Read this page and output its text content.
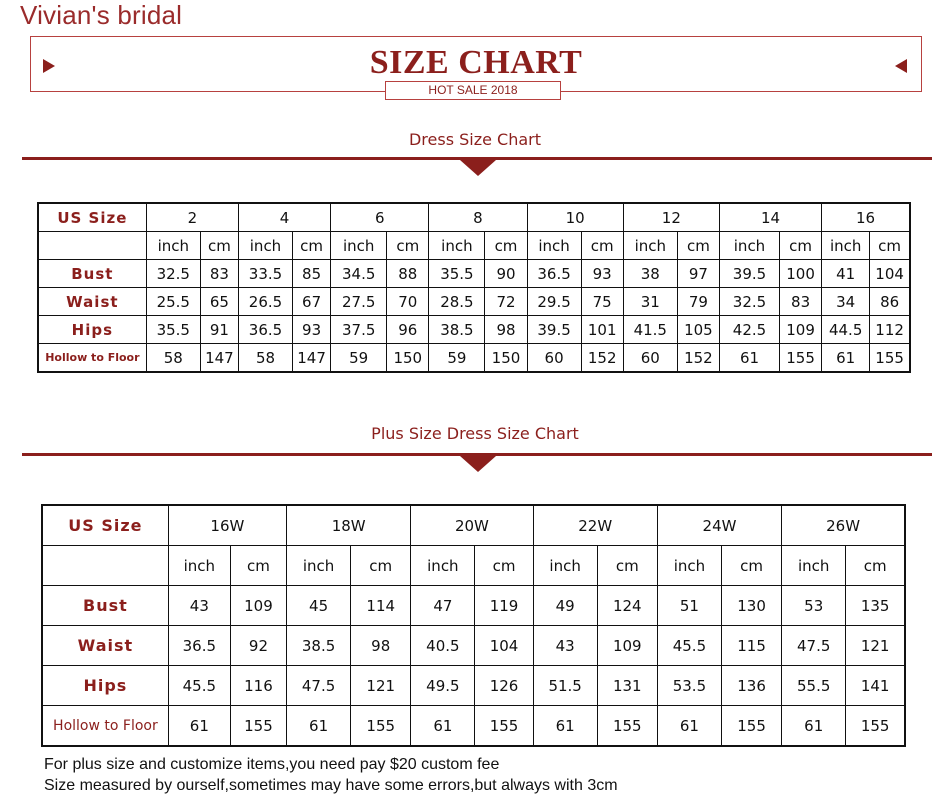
Vivian's bridal
SIZE CHART
HOT SALE 2018
Dress Size Chart
US Size	2		4		6		8		10		12		14		16	
	inch	cm	inch	cm	inch	cm	inch	cm	inch	cm	inch	cm	inch	cm	inch	cm
Bust	32.5	83	33.5	85	34.5	88	35.5	90	36.5	93	38	97	39.5	100	41	104
Waist	25.5	65	26.5	67	27.5	70	28.5	72	29.5	75	31	79	32.5	83	34	86
Hips	35.5	91	36.5	93	37.5	96	38.5	98	39.5	101	41.5	105	42.5	109	44.5	112
Hollow to Floor	58	147	58	147	59	150	59	150	60	152	60	152	61	155	61	155
Plus Size Dress Size Chart
US Size	16W		18W		20W		22W		24W		26W	
	inch	cm	inch	cm	inch	cm	inch	cm	inch	cm	inch	cm
Bust	43	109	45	114	47	119	49	124	51	130	53	135
Waist	36.5	92	38.5	98	40.5	104	43	109	45.5	115	47.5	121
Hips	45.5	116	47.5	121	49.5	126	51.5	131	53.5	136	55.5	141
Hollow to Floor	61	155	61	155	61	155	61	155	61	155	61	155
For plus size and customize items,you need pay $20 custom fee
Size measured by ourself,sometimes may have some errors,but always with 3cm
